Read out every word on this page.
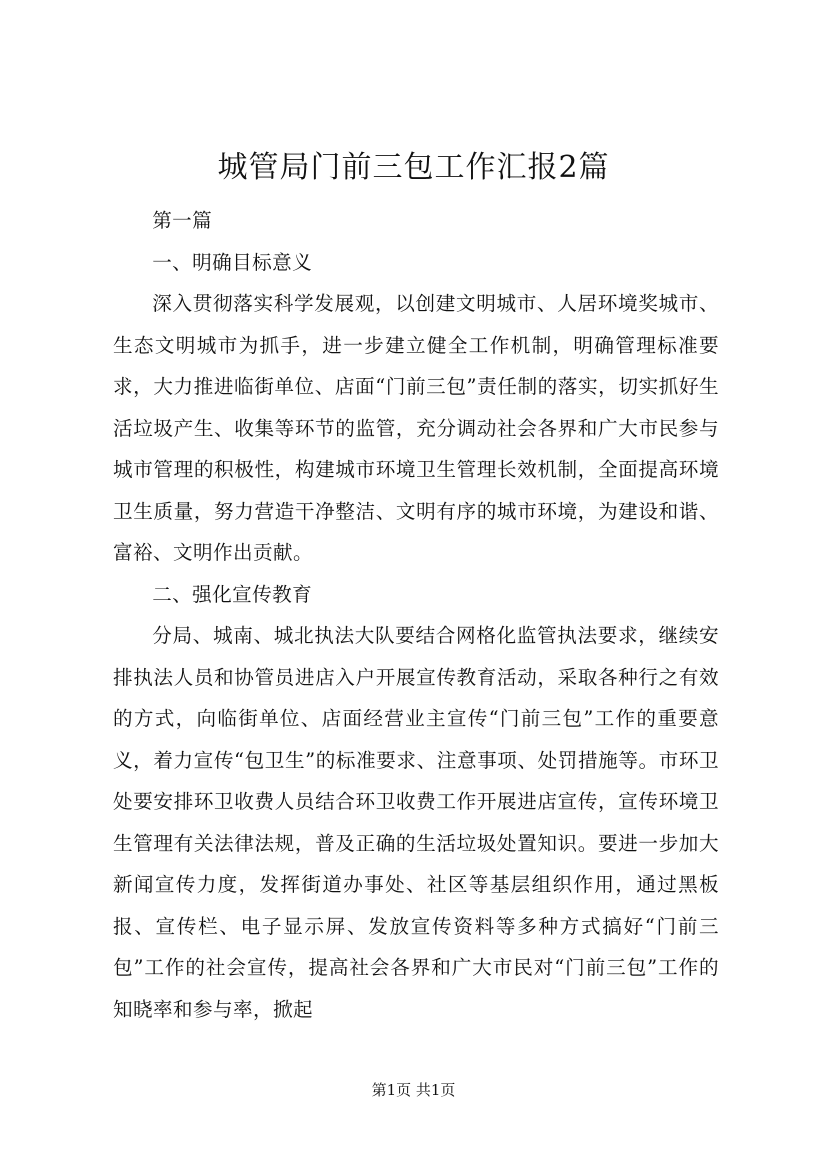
城管局门前三包工作汇报2篇

第一篇

一、明确目标意义

深入贯彻落实科学发展观，以创建文明城市、人居环境奖城市、生态文明城市为抓手，进一步建立健全工作机制，明确管理标准要求，大力推进临街单位、店面“门前三包”责任制的落实，切实抓好生活垃圾产生、收集等环节的监管，充分调动社会各界和广大市民参与城市管理的积极性，构建城市环境卫生管理长效机制，全面提高环境卫生质量，努力营造干净整洁、文明有序的城市环境，为建设和谐、富裕、文明作出贡献。

二、强化宣传教育

分局、城南、城北执法大队要结合网格化监管执法要求，继续安排执法人员和协管员进店入户开展宣传教育活动，采取各种行之有效的方式，向临街单位、店面经营业主宣传“门前三包”工作的重要意义，着力宣传“包卫生”的标准要求、注意事项、处罚措施等。市环卫处要安排环卫收费人员结合环卫收费工作开展进店宣传，宣传环境卫生管理有关法律法规，普及正确的生活垃圾处置知识。要进一步加大新闻宣传力度，发挥街道办事处、社区等基层组织作用，通过黑板报、宣传栏、电子显示屏、发放宣传资料等多种方式搞好“门前三包”工作的社会宣传，提高社会各界和广大市民对“门前三包”工作的知晓率和参与率，掀起

第1页 共1页
